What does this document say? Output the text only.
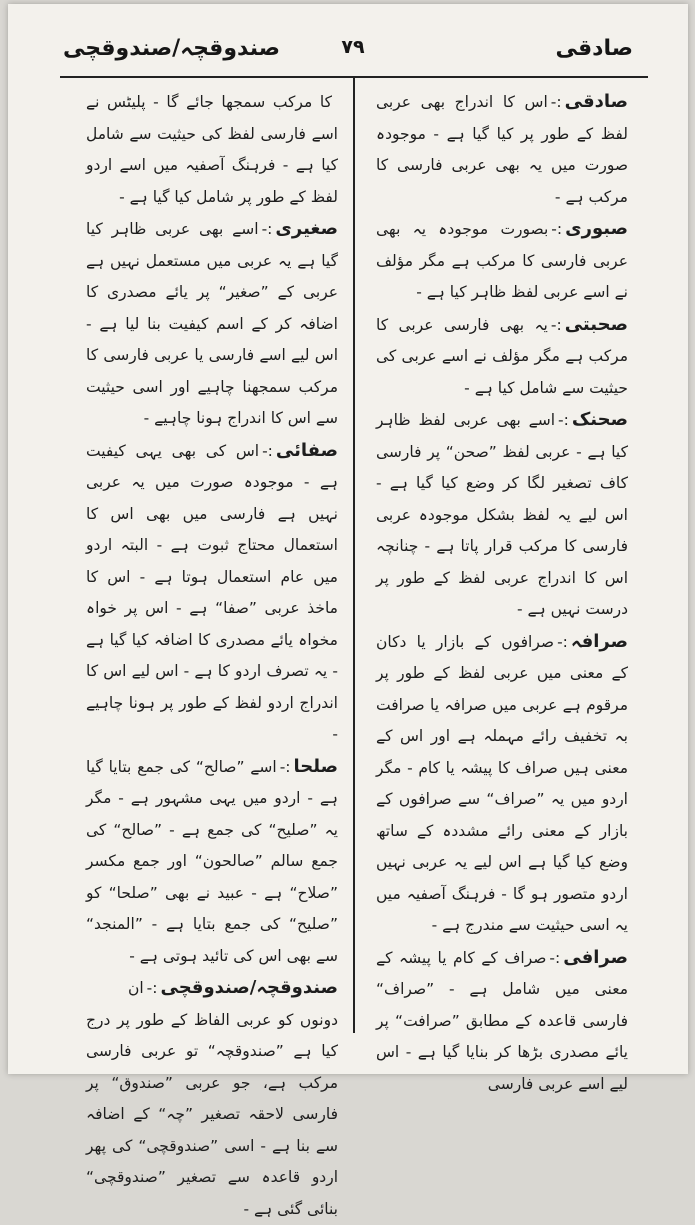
صندوقچہ/صندوقچی	۷۹	صادقی

صادقی:-اس کا اندراج بھی عربی لفظ کے طور پر کیا گیا ہے - موجودہ صورت میں یہ بھی عربی فارسی کا مرکب ہے -

صبوری:-بصورت موجودہ یہ بھی عربی فارسی کا مرکب ہے مگر مؤلف نے اسے عربی لفظ ظاہر کیا ہے -

صحبتی:-یہ بھی فارسی عربی کا مرکب ہے مگر مؤلف نے اسے عربی کی حیثیت سے شامل کیا ہے -

صحنک:-اسے بھی عربی لفظ ظاہر کیا ہے - عربی لفظ ”صحن“ پر فارسی کاف تصغیر لگا کر وضع کیا گیا ہے - اس لیے یہ لفظ بشکل موجودہ عربی فارسی کا مرکب قرار پاتا ہے - چنانچہ اس کا اندراج عربی لفظ کے طور پر درست نہیں ہے -

صرافہ:-صرافوں کے بازار یا دکان کے معنی میں عربی لفظ کے طور پر مرقوم ہے عربی میں صرافہ یا صرافت بہ تخفیف رائے مہملہ ہے اور اس کے معنی ہیں صراف کا پیشہ یا کام - مگر اردو میں یہ ”صراف“ سے صرافوں کے بازار کے معنی رائے مشددہ کے ساتھ وضع کیا گیا ہے اس لیے یہ عربی نہیں اردو متصور ہو گا - فرہنگ آصفیہ میں یہ اسی حیثیت سے مندرج ہے -

صرافی:-صراف کے کام یا پیشہ کے معنی میں شامل ہے - ”صراف“ فارسی قاعدہ کے مطابق ”صرافت“ پر یائے مصدری بڑھا کر بنایا گیا ہے - اس لیے اسے عربی فارسی

کا مرکب سمجھا جائے گا - پلیٹس نے اسے فارسی لفظ کی حیثیت سے شامل کیا ہے - فرہنگ آصفیہ میں اسے اردو لفظ کے طور پر شامل کیا گیا ہے -

صغیری:-اسے بھی عربی ظاہر کیا گیا ہے یہ عربی میں مستعمل نہیں ہے عربی کے ”صغیر“ پر یائے مصدری کا اضافہ کر کے اسم کیفیت بنا لیا ہے - اس لیے اسے فارسی یا عربی فارسی کا مرکب سمجھنا چاہیے اور اسی حیثیت سے اس کا اندراج ہونا چاہیے -

صفائی:-اس کی بھی یہی کیفیت ہے - موجودہ صورت میں یہ عربی نہیں ہے فارسی میں بھی اس کا استعمال محتاج ثبوت ہے - البتہ اردو میں عام استعمال ہوتا ہے - اس کا ماخذ عربی ”صفا“ ہے - اس پر خواہ مخواہ یائے مصدری کا اضافہ کیا گیا ہے - یہ تصرف اردو کا ہے - اس لیے اس کا اندراج اردو لفظ کے طور پر ہونا چاہیے -

صلحا:-اسے ”صالح“ کی جمع بتایا گیا ہے - اردو میں یہی مشہور ہے - مگر یہ ”صلیح“ کی جمع ہے - ”صالح“ کی جمع سالم ”صالحون“ اور جمع مکسر ”صلاح“ ہے - عبید نے بھی ”صلحا“ کو ”صلیح“ کی جمع بتایا ہے - ”المنجد“ سے بھی اس کی تائید ہوتی ہے -

صندوقچہ/صندوقچی:-ان دونوں کو عربی الفاظ کے طور پر درج کیا ہے ”صندوقچہ“ تو عربی فارسی مرکب ہے، جو عربی ”صندوق“ پر فارسی لاحقہ تصغیر ”چہ“ کے اضافہ سے بنا ہے - اسی ”صندوقچی“ کی پھر اردو قاعدہ سے تصغیر ”صندوقچی“ بنائی گئی ہے -
